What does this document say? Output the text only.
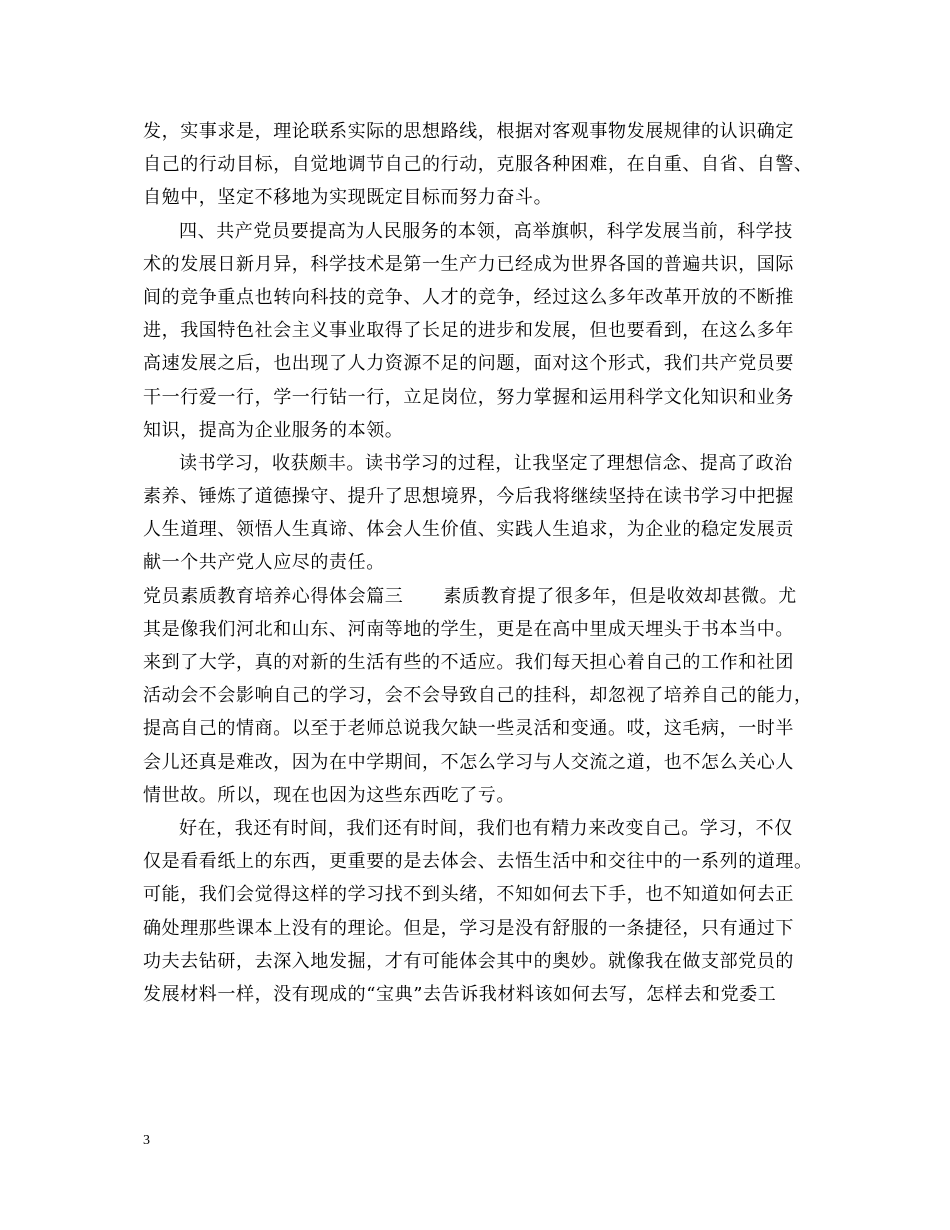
发，实事求是，理论联系实际的思想路线，根据对客观事物发展规律的认识确定
自己的行动目标，自觉地调节自己的行动，克服各种困难，在自重、自省、自警、
自勉中，坚定不移地为实现既定目标而努力奋斗。
四、共产党员要提高为人民服务的本领，高举旗帜，科学发展当前，科学技
术的发展日新月异，科学技术是第一生产力已经成为世界各国的普遍共识，国际
间的竞争重点也转向科技的竞争、人才的竞争，经过这么多年改革开放的不断推
进，我国特色社会主义事业取得了长足的进步和发展，但也要看到，在这么多年
高速发展之后，也出现了人力资源不足的问题，面对这个形式，我们共产党员要
干一行爱一行，学一行钻一行，立足岗位，努力掌握和运用科学文化知识和业务
知识，提高为企业服务的本领。
读书学习，收获颇丰。读书学习的过程，让我坚定了理想信念、提高了政治
素养、锤炼了道德操守、提升了思想境界，今后我将继续坚持在读书学习中把握
人生道理、领悟人生真谛、体会人生价值、实践人生追求，为企业的稳定发展贡
献一个共产党人应尽的责任。
党员素质教育培养心得体会篇三 素质教育提了很多年，但是收效却甚微。尤
其是像我们河北和山东、河南等地的学生，更是在高中里成天埋头于书本当中。
来到了大学，真的对新的生活有些的不适应。我们每天担心着自己的工作和社团
活动会不会影响自己的学习，会不会导致自己的挂科，却忽视了培养自己的能力，
提高自己的情商。以至于老师总说我欠缺一些灵活和变通。哎，这毛病，一时半
会儿还真是难改，因为在中学期间，不怎么学习与人交流之道，也不怎么关心人
情世故。所以，现在也因为这些东西吃了亏。
好在，我还有时间，我们还有时间，我们也有精力来改变自己。学习，不仅
仅是看看纸上的东西，更重要的是去体会、去悟生活中和交往中的一系列的道理。
可能，我们会觉得这样的学习找不到头绪，不知如何去下手，也不知道如何去正
确处理那些课本上没有的理论。但是，学习是没有舒服的一条捷径，只有通过下
功夫去钻研，去深入地发掘，才有可能体会其中的奥妙。就像我在做支部党员的
发展材料一样，没有现成的“宝典”去告诉我材料该如何去写，怎样去和党委工
3
